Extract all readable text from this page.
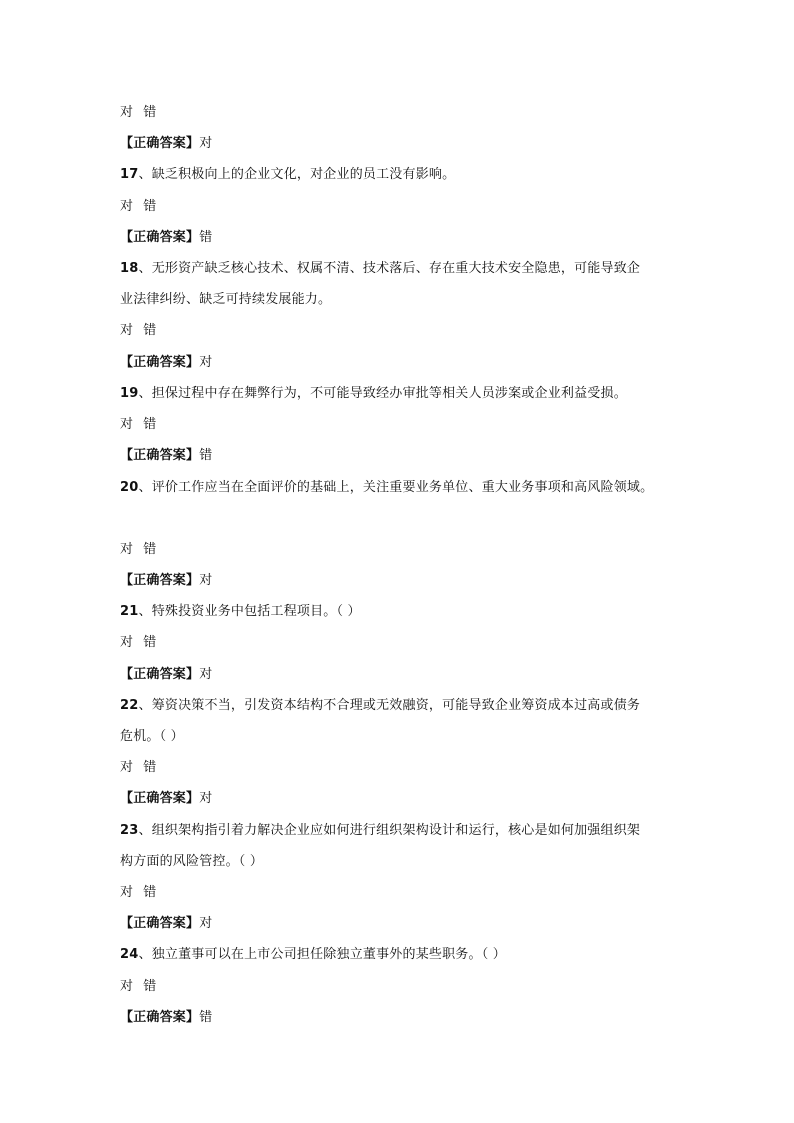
对 错
【正确答案】对
17、缺乏积极向上的企业文化，对企业的员工没有影响。
对 错
【正确答案】错
18、无形资产缺乏核心技术、权属不清、技术落后、存在重大技术安全隐患，可能导致企
业法律纠纷、缺乏可持续发展能力。
对 错
【正确答案】对
19、担保过程中存在舞弊行为，不可能导致经办审批等相关人员涉案或企业利益受损。
对 错
【正确答案】错
20、评价工作应当在全面评价的基础上，关注重要业务单位、重大业务事项和高风险领域。
对 错
【正确答案】对
21、特殊投资业务中包括工程项目。（ ）
对 错
【正确答案】对
22、筹资决策不当，引发资本结构不合理或无效融资，可能导致企业筹资成本过高或债务
危机。（ ）
对 错
【正确答案】对
23、组织架构指引着力解决企业应如何进行组织架构设计和运行，核心是如何加强组织架
构方面的风险管控。（ ）
对 错
【正确答案】对
24、独立董事可以在上市公司担任除独立董事外的某些职务。（ ）
对 错
【正确答案】错
